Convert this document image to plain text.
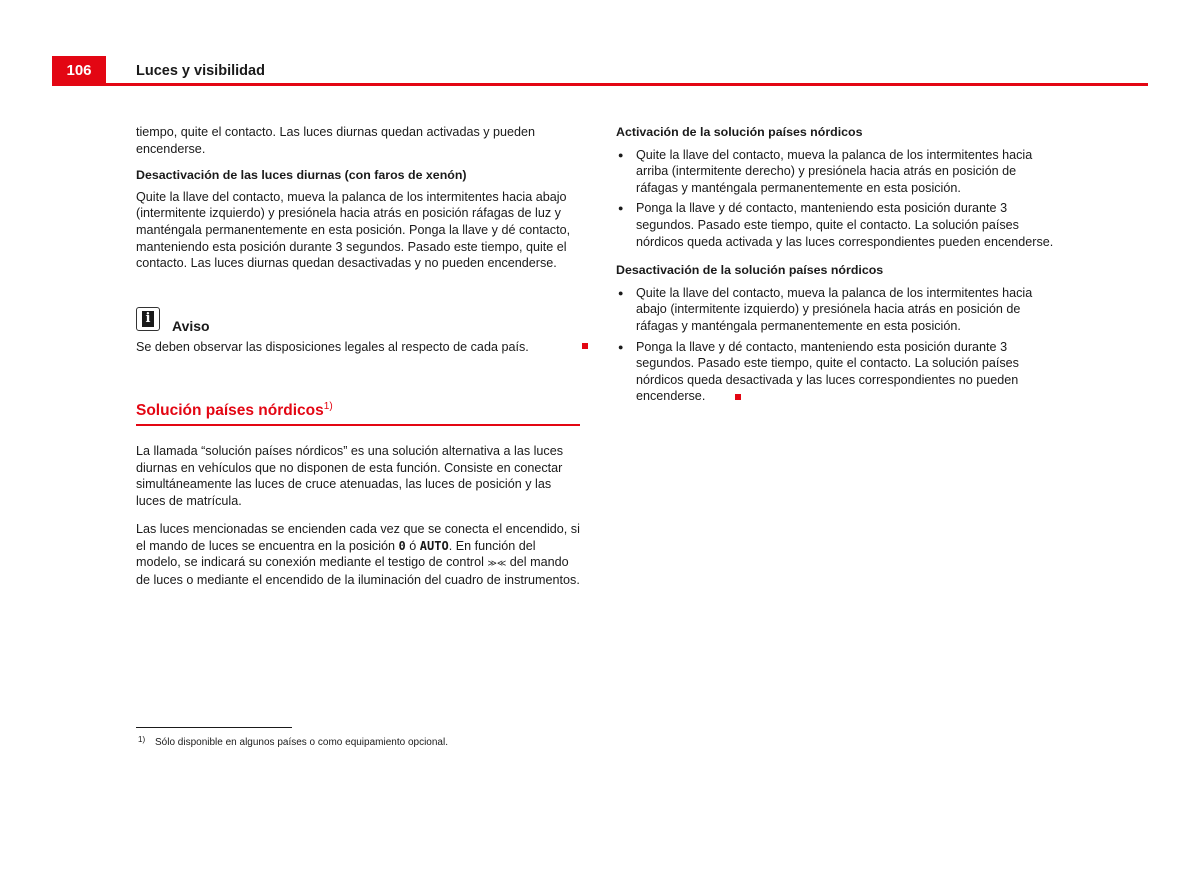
106	Luces y visibilidad

tiempo, quite el contacto. Las luces diurnas quedan activadas y pueden encenderse.

Desactivación de las luces diurnas (con faros de xenón)

Quite la llave del contacto, mueva la palanca de los intermitentes hacia abajo (intermitente izquierdo) y presiónela hacia atrás en posición ráfagas de luz y manténgala permanentemente en esta posición. Ponga la llave y dé contacto, manteniendo esta posición durante 3 segundos. Pasado este tiempo, quite el contacto. Las luces diurnas quedan desactivadas y no pueden encenderse.

i Aviso
Se deben observar las disposiciones legales al respecto de cada país.
Solución países nórdicos$^{1)}$

La llamada “solución países nórdicos” es una solución alternativa a las luces diurnas en vehículos que no disponen de esta función. Consiste en conectar simultáneamente las luces de cruce atenuadas, las luces de posición y las luces de matrícula.

Las luces mencionadas se encienden cada vez que se conecta el encendido, si el mando de luces se encuentra en la posición 0 ó AUTO. En función del modelo, se indicará su conexión mediante el testigo de control ≫≪ del mando de luces o mediante el encendido de la iluminación del cuadro de instrumentos.

Activación de la solución países nórdicos

● Quite la llave del contacto, mueva la palanca de los intermitentes hacia arriba (intermitente derecho) y presiónela hacia atrás en posición de ráfagas y manténgala permanentemente en esta posición.

● Ponga la llave y dé contacto, manteniendo esta posición durante 3 segundos. Pasado este tiempo, quite el contacto. La solución países nórdicos queda activada y las luces correspondientes pueden encenderse.

Desactivación de la solución países nórdicos

● Quite la llave del contacto, mueva la palanca de los intermitentes hacia abajo (intermitente izquierdo) y presiónela hacia atrás en posición de ráfagas y manténgala permanentemente en esta posición.

● Ponga la llave y dé contacto, manteniendo esta posición durante 3 segundos. Pasado este tiempo, quite el contacto. La solución países nórdicos queda desactivada y las luces correspondientes no pueden encenderse.

1) Sólo disponible en algunos países o como equipamiento opcional.
